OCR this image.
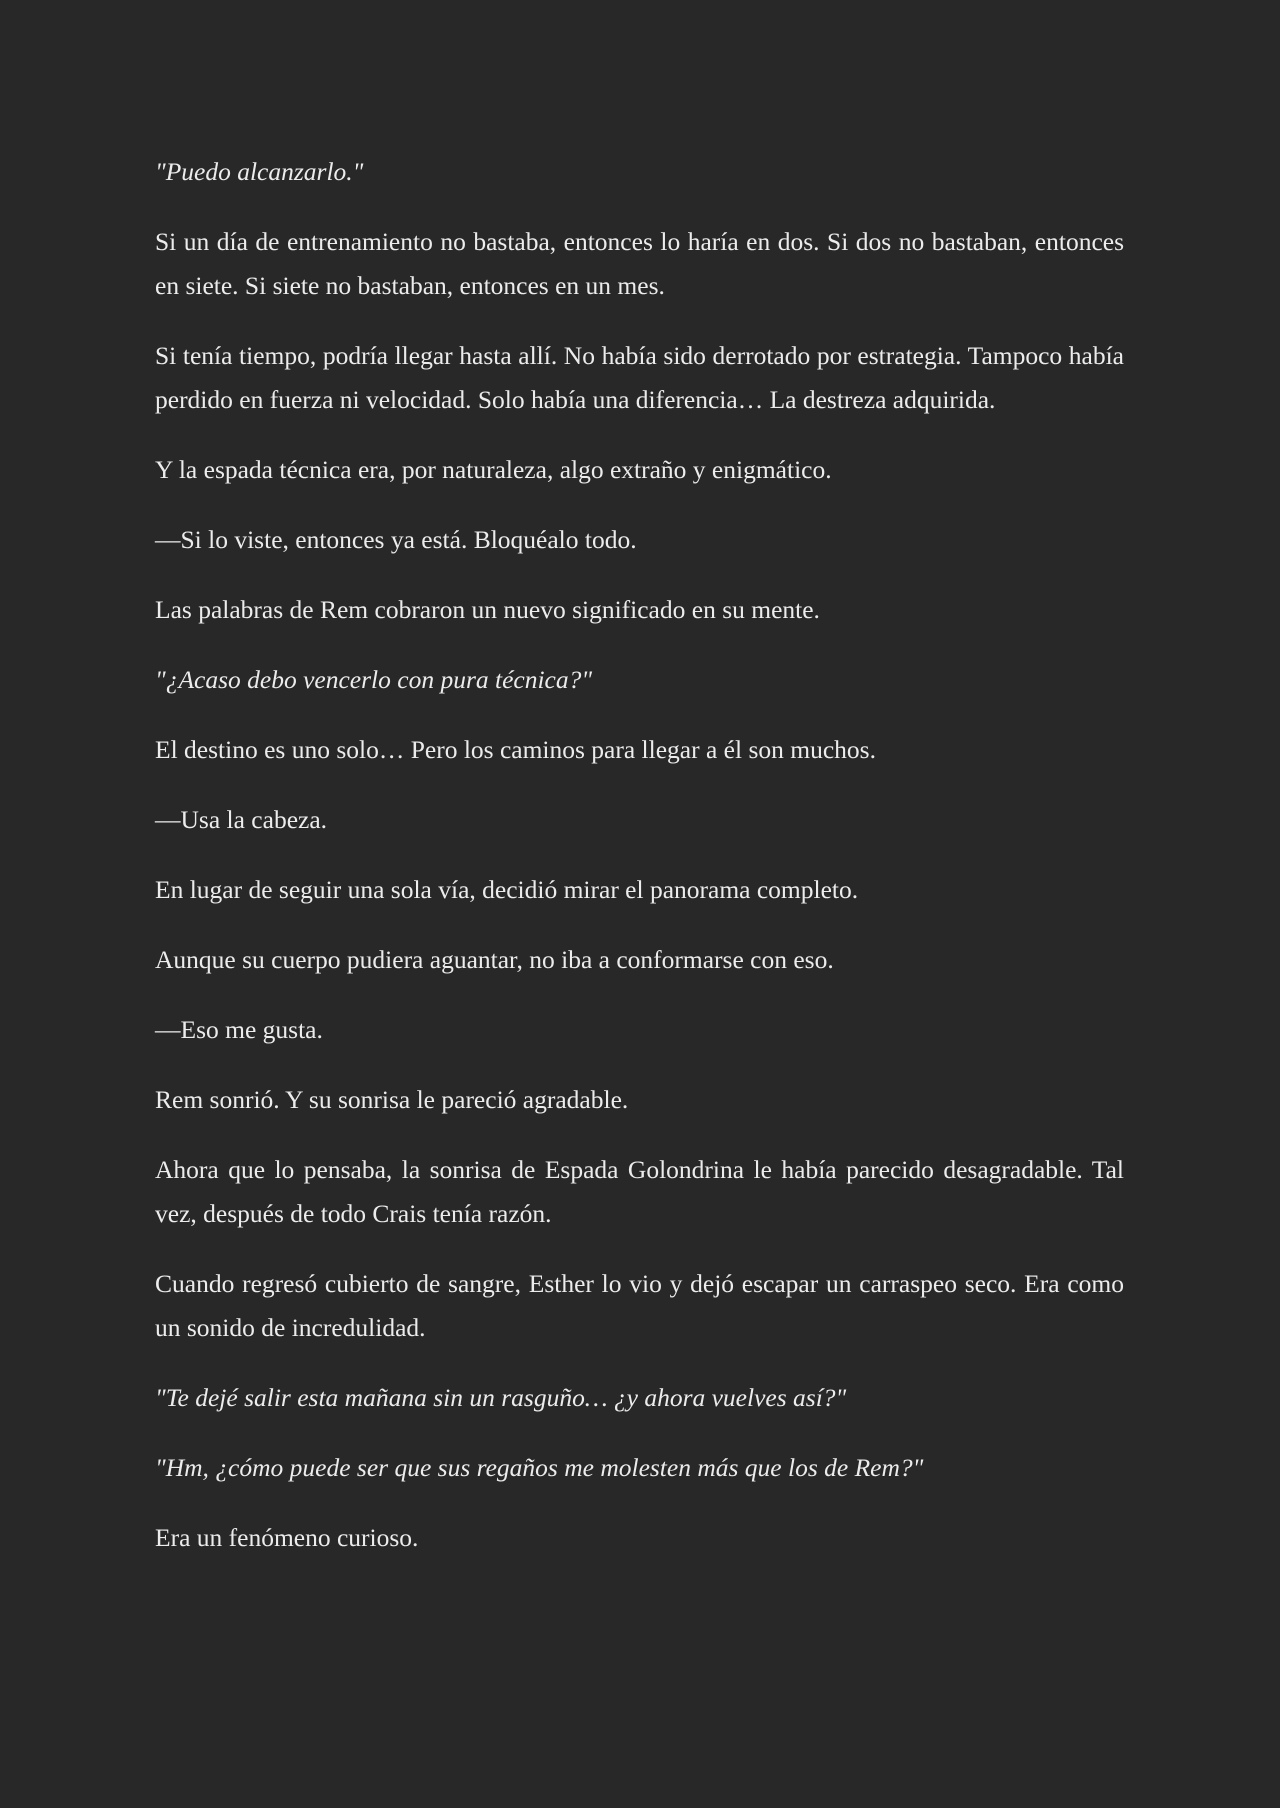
"Puedo alcanzarlo."

Si un día de entrenamiento no bastaba, entonces lo haría en dos. Si dos no bastaban, entonces en siete. Si siete no bastaban, entonces en un mes.

Si tenía tiempo, podría llegar hasta allí. No había sido derrotado por estrategia. Tampoco había perdido en fuerza ni velocidad. Solo había una diferencia… La destreza adquirida.

Y la espada técnica era, por naturaleza, algo extraño y enigmático.

—Si lo viste, entonces ya está. Bloquéalo todo.

Las palabras de Rem cobraron un nuevo significado en su mente.

"¿Acaso debo vencerlo con pura técnica?"

El destino es uno solo… Pero los caminos para llegar a él son muchos.

—Usa la cabeza.

En lugar de seguir una sola vía, decidió mirar el panorama completo.

Aunque su cuerpo pudiera aguantar, no iba a conformarse con eso.

—Eso me gusta.

Rem sonrió. Y su sonrisa le pareció agradable.

Ahora que lo pensaba, la sonrisa de Espada Golondrina le había parecido desagradable. Tal vez, después de todo Crais tenía razón.

Cuando regresó cubierto de sangre, Esther lo vio y dejó escapar un carraspeo seco. Era como un sonido de incredulidad.

"Te dejé salir esta mañana sin un rasguño… ¿y ahora vuelves así?"

"Hm, ¿cómo puede ser que sus regaños me molesten más que los de Rem?"

Era un fenómeno curioso.
